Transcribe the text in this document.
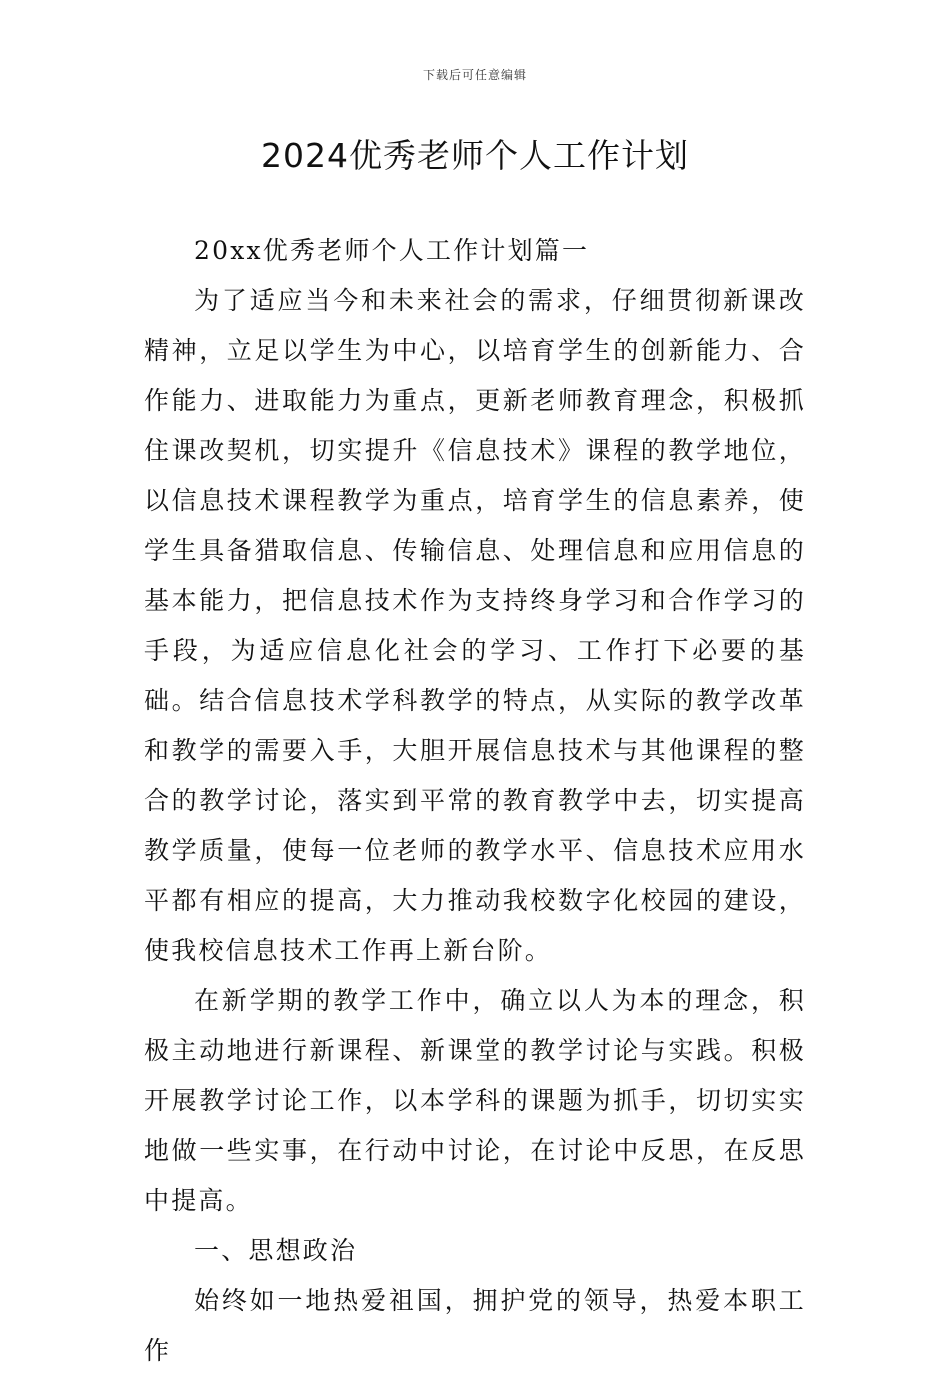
下载后可任意编辑
2024优秀老师个人工作计划

20xx优秀老师个人工作计划篇一

为了适应当今和未来社会的需求，仔细贯彻新课改精神，立足以学生为中心，以培育学生的创新能力、合作能力、进取能力为重点，更新老师教育理念，积极抓住课改契机，切实提升《信息技术》课程的教学地位，以信息技术课程教学为重点，培育学生的信息素养，使学生具备猎取信息、传输信息、处理信息和应用信息的基本能力，把信息技术作为支持终身学习和合作学习的手段，为适应信息化社会的学习、工作打下必要的基础。结合信息技术学科教学的特点，从实际的教学改革和教学的需要入手，大胆开展信息技术与其他课程的整合的教学讨论，落实到平常的教育教学中去，切实提高教学质量，使每一位老师的教学水平、信息技术应用水平都有相应的提高，大力推动我校数字化校园的建设，使我校信息技术工作再上新台阶。

在新学期的教学工作中，确立以人为本的理念，积极主动地进行新课程、新课堂的教学讨论与实践。积极开展教学讨论工作，以本学科的课题为抓手，切切实实地做一些实事，在行动中讨论，在讨论中反思，在反思中提高。

一、思想政治

始终如一地热爱祖国，拥护党的领导，热爱本职工作
